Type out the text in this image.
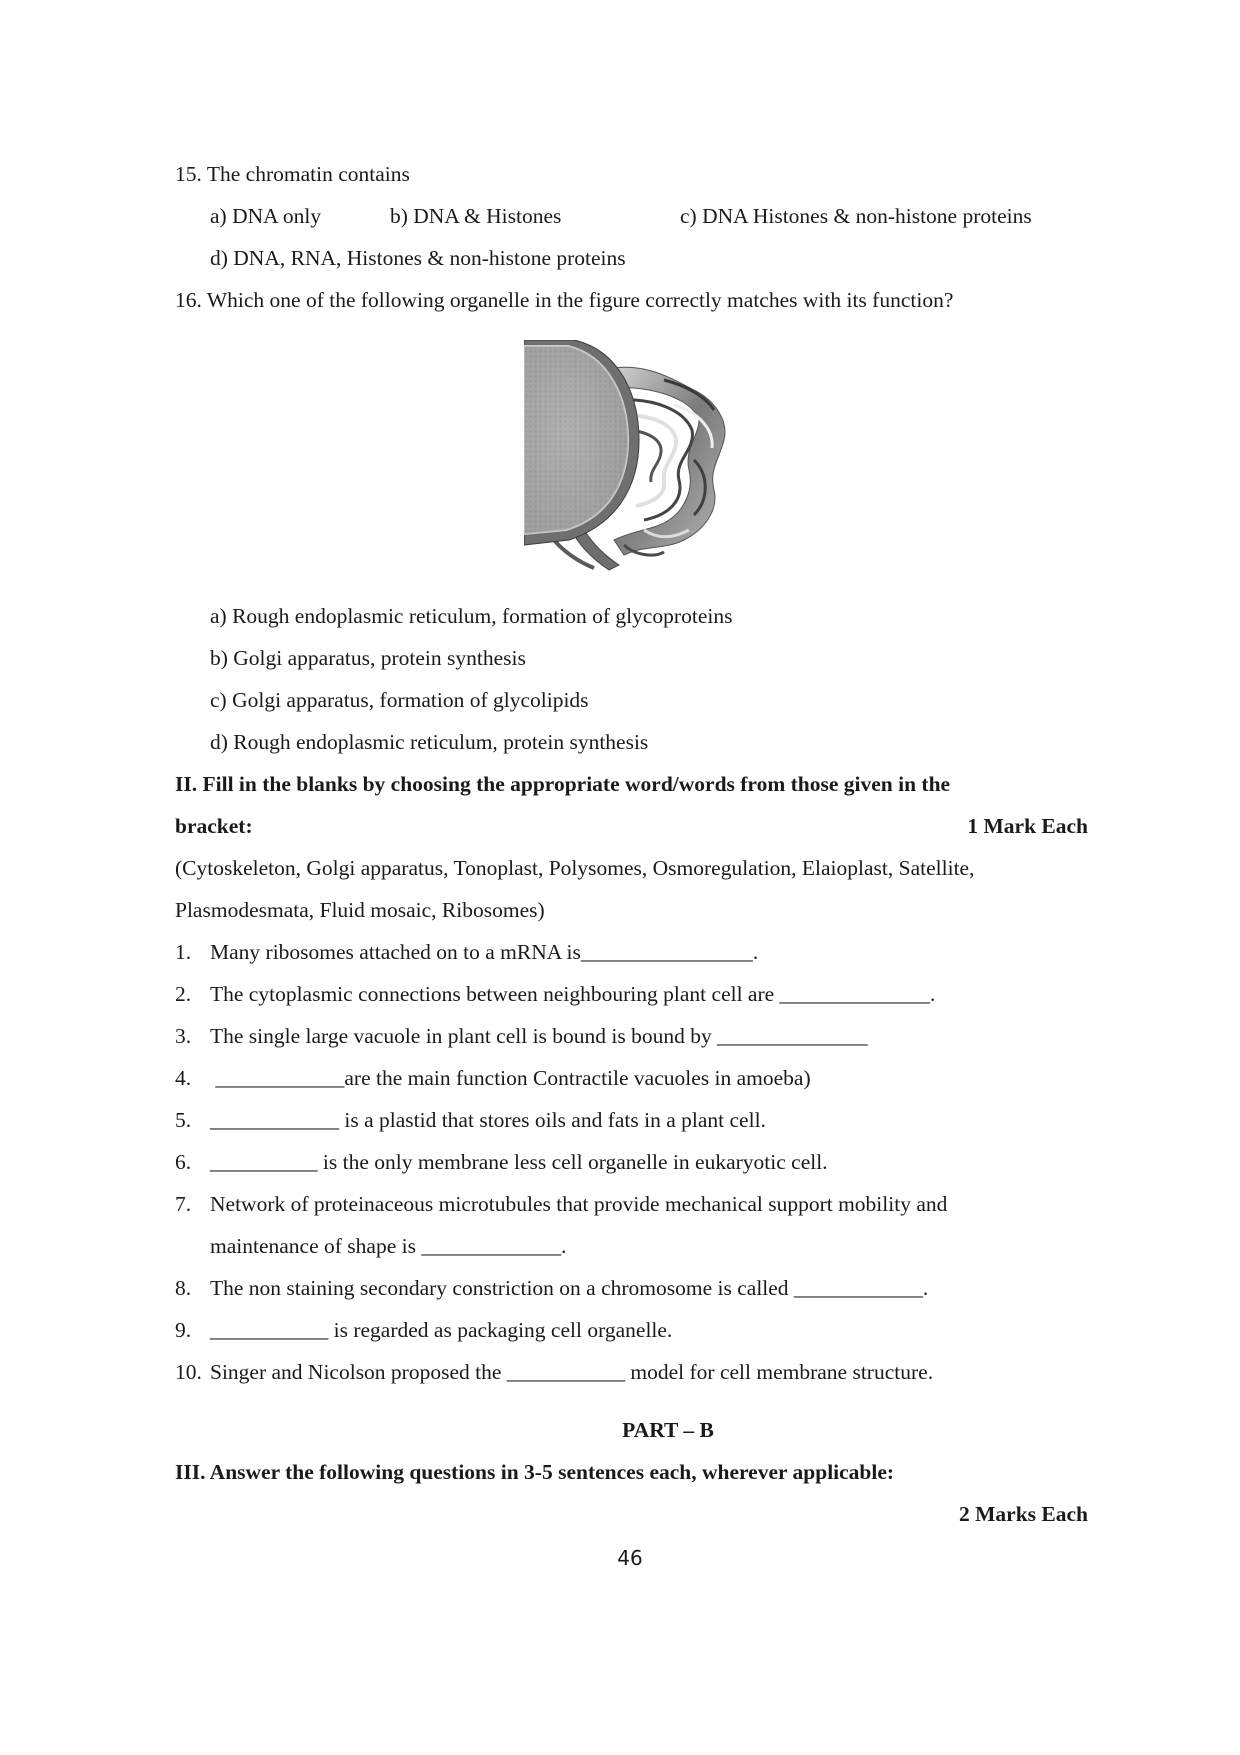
15. The chromatin contains
a) DNA only	b) DNA & Histones	c) DNA Histones & non-histone proteins
d) DNA, RNA, Histones & non-histone proteins
16. Which one of the following organelle in the figure correctly matches with its function?
a) Rough endoplasmic reticulum, formation of glycoproteins
b) Golgi apparatus, protein synthesis
c) Golgi apparatus, formation of glycolipids
d) Rough endoplasmic reticulum, protein synthesis
II. Fill in the blanks by choosing the appropriate word/words from those given in the
bracket:	1 Mark Each
(Cytoskeleton, Golgi apparatus, Tonoplast, Polysomes, Osmoregulation, Elaioplast, Satellite,
Plasmodesmata, Fluid mosaic, Ribosomes)
1. Many ribosomes attached on to a mRNA is________________.
2. The cytoplasmic connections between neighbouring plant cell are ______________.
3. The single large vacuole in plant cell is bound is bound by ______________
4. ____________are the main function Contractile vacuoles in amoeba)
5. ____________ is a plastid that stores oils and fats in a plant cell.
6. __________ is the only membrane less cell organelle in eukaryotic cell.
7. Network of proteinaceous microtubules that provide mechanical support mobility and
maintenance of shape is _____________.
8. The non staining secondary constriction on a chromosome is called ____________.
9. ___________ is regarded as packaging cell organelle.
10. Singer and Nicolson proposed the ___________ model for cell membrane structure.
PART – B
III. Answer the following questions in 3-5 sentences each, wherever applicable:
2 Marks Each
46
